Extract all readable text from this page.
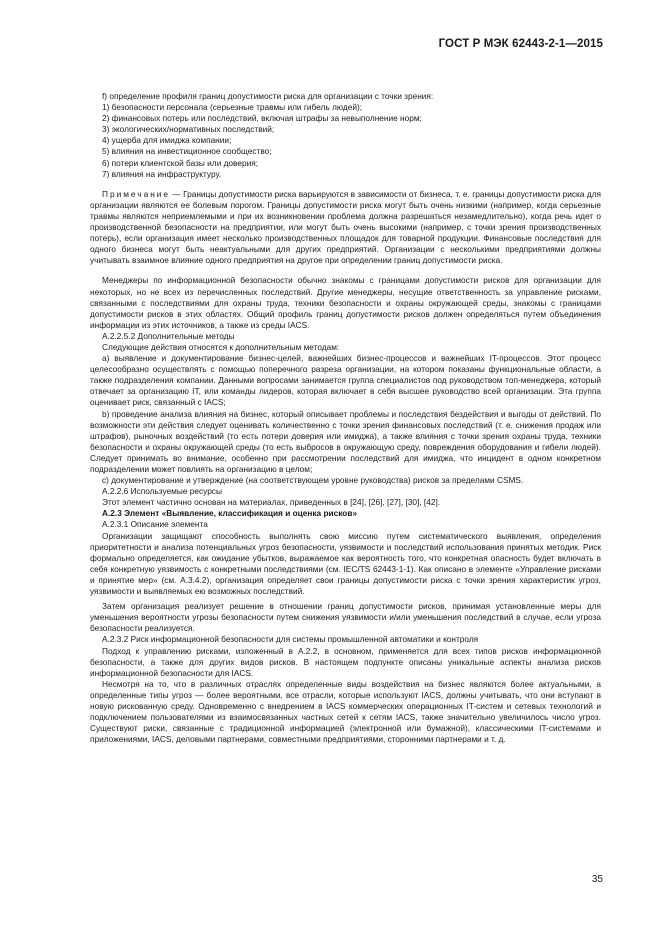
ГОСТ Р МЭК 62443-2-1—2015

f) определение профиля границ допустимости риска для организации с точки зрения:

1) безопасности персонала (серьезные травмы или гибель людей);
2) финансовых потерь или последствий, включая штрафы за невыполнение норм;
3) экологических/нормативных последствий;
4) ущерба для имиджа компании;
5) влияния на инвестиционное сообщество;
6) потери клиентской базы или доверия;
7) влияния на инфраструктуру.

Примечание — Границы допустимости риска варьируются в зависимости от бизнеса, т. е. границы допустимости риска для организации являются ее болевым порогом. Границы допустимости риска могут быть очень низкими (например, когда серьезные травмы являются неприемлемыми и при их возникновении проблема должна разрешаться незамедлительно), когда речь идет о производственной безопасности на предприятии, или могут быть очень высокими (например, с точки зрения производственных потерь), если организация имеет несколько производственных площадок для товарной продукции. Финансовые последствия для одного бизнеса могут быть неактуальными для других предприятий. Организации с несколькими предприятиями должны учитывать взаимное влияние одного предприятия на другое при определении границ допустимости риска.

Менеджеры по информационной безопасности обычно знакомы с границами допустимости рисков для организации для некоторых, но не всех из перечисленных последствий. Другие менеджеры, несущие ответственность за управление рисками, связанными с последствиями для охраны труда, техники безопасности и охраны окружающей среды, знакомы с границами допустимости рисков в этих областях. Общий профиль границ допустимости рисков должен определяться путем объединения информации из этих источников, а также из среды IACS.

A.2.2.5.2 Дополнительные методы

Следующие действия относятся к дополнительным методам:

а) выявление и документирование бизнес-целей, важнейших бизнес-процессов и важнейших IT-процессов. Этот процесс целесообразно осуществлять с помощью поперечного разреза организации, на котором показаны функциональные области, а также подразделения компании. Данными вопросами занимается группа специалистов под руководством топ-менеджера, который отвечает за организацию IT, или команды лидеров, которая включает в себя высшее руководство всей организации. Эта группа оценивает риск, связанный с IACS;

b) проведение анализа влияния на бизнес, который описывает проблемы и последствия бездействия и выгоды от действий. По возможности эти действия следует оценивать количественно с точки зрения финансовых последствий (т. е. снижения продаж или штрафов), рыночных воздействий (то есть потери доверия или имиджа), а также влияния с точки зрения охраны труда, техники безопасности и охраны окружающей среды (то есть выбросов в окружающую среду, повреждения оборудования и гибели людей). Следует принимать во внимание, особенно при рассмотрении последствий для имиджа, что инцидент в одном конкретном подразделении может повлиять на организацию в целом;

c) документирование и утверждение (на соответствующем уровне руководства) рисков за пределами CSMS.

A.2.2.6 Используемые ресурсы

Этот элемент частично основан на материалах, приведенных в [24], [26], [27], [30], [42].

A.2.3 Элемент «Выявление, классификация и оценка рисков»

A.2.3.1 Описание элемента

Организации защищают способность выполнять свою миссию путем систематического выявления, определения приоритетности и анализа потенциальных угроз безопасности, уязвимости и последствий использования принятых методик. Риск формально определяется, как ожидание убытков, выражаемое как вероятность того, что конкретная опасность будет включать в себя конкретную уязвимость с конкретными последствиями (см. IEC/TS 62443-1-1). Как описано в элементе «Управление рисками и принятие мер» (см. A.3.4.2), организация определяет свои границы допустимости риска с точки зрения характеристик угроз, уязвимости и выявляемых ею возможных последствий.

Затем организация реализует решение в отношении границ допустимости рисков, принимая установленные меры для уменьшения вероятности угрозы безопасности путем снижения уязвимости и/или уменьшения последствий в случае, если угроза безопасности реализуется.

A.2.3.2 Риск информационной безопасности для системы промышленной автоматики и контроля

Подход к управлению рисками, изложенный в A.2.2, в основном, применяется для всех типов рисков информационной безопасности, а также для других видов рисков. В настоящем подпункте описаны уникальные аспекты анализа рисков информационной безопасности для IACS.

Несмотря на то, что в различных отраслях определенные виды воздействия на бизнес являются более актуальными, а определенные типы угроз — более вероятными, все отрасли, которые используют IACS, должны учитывать, что они вступают в новую рискованную среду. Одновременно с внедрением в IACS коммерческих операционных IT-систем и сетевых технологий и подключением пользователями из взаимосвязанных частных сетей к сетям IACS, также значительно увеличилось число угроз. Существуют риски, связанные с традиционной информацией (электронной или бумажной), классическими IT-системами и приложениями, IACS, деловыми партнерами, совместными предприятиями, сторонними партнерами и т. д.

35
